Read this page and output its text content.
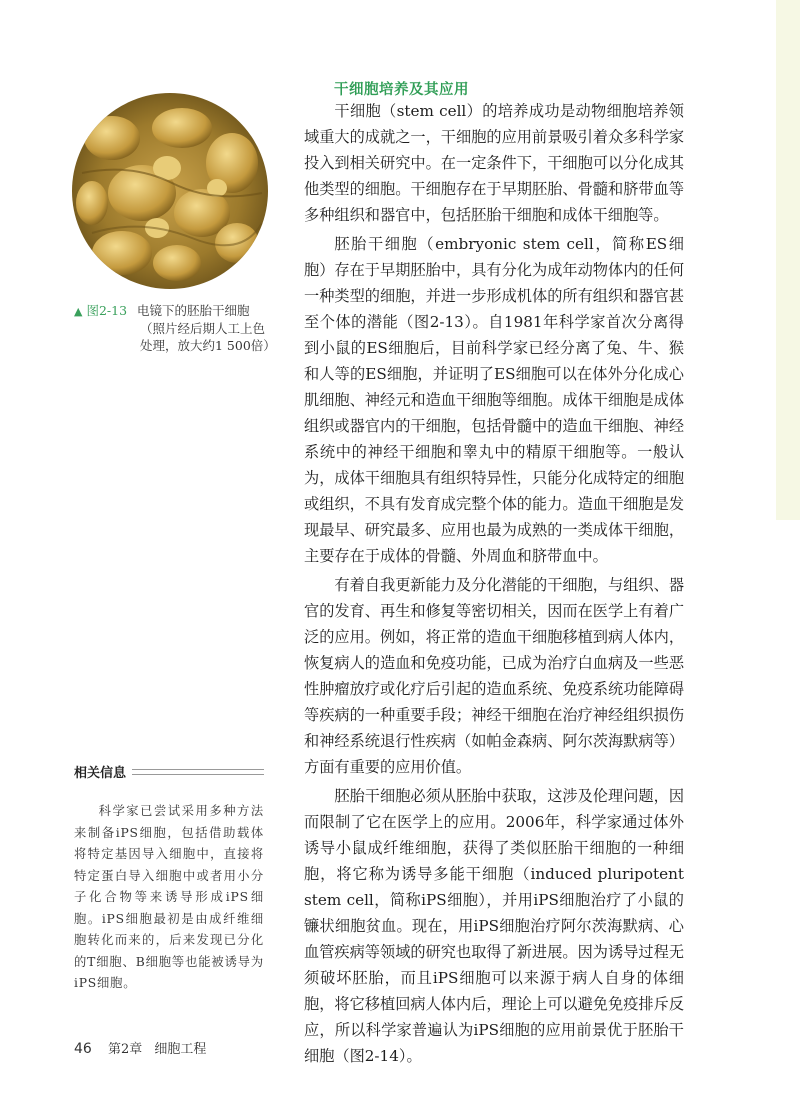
▲ 图2-13 电镜下的胚胎干细胞
（照片经后期人工上色
处理，放大约1 500倍）
干细胞培养及其应用

干细胞（stem cell）的培养成功是动物细胞培养领域重大的成就之一，干细胞的应用前景吸引着众多科学家投入到相关研究中。在一定条件下，干细胞可以分化成其他类型的细胞。干细胞存在于早期胚胎、骨髓和脐带血等多种组织和器官中，包括胚胎干细胞和成体干细胞等。

胚胎干细胞（embryonic stem cell，简称ES细胞）存在于早期胚胎中，具有分化为成年动物体内的任何一种类型的细胞，并进一步形成机体的所有组织和器官甚至个体的潜能（图2-13）。自1981年科学家首次分离得到小鼠的ES细胞后，目前科学家已经分离了兔、牛、猴和人等的ES细胞，并证明了ES细胞可以在体外分化成心肌细胞、神经元和造血干细胞等细胞。成体干细胞是成体组织或器官内的干细胞，包括骨髓中的造血干细胞、神经系统中的神经干细胞和睾丸中的精原干细胞等。一般认为，成体干细胞具有组织特异性，只能分化成特定的细胞或组织，不具有发育成完整个体的能力。造血干细胞是发现最早、研究最多、应用也最为成熟的一类成体干细胞，主要存在于成体的骨髓、外周血和脐带血中。

有着自我更新能力及分化潜能的干细胞，与组织、器官的发育、再生和修复等密切相关，因而在医学上有着广泛的应用。例如，将正常的造血干细胞移植到病人体内，恢复病人的造血和免疫功能，已成为治疗白血病及一些恶性肿瘤放疗或化疗后引起的造血系统、免疫系统功能障碍等疾病的一种重要手段；神经干细胞在治疗神经组织损伤和神经系统退行性疾病（如帕金森病、阿尔茨海默病等）方面有重要的应用价值。

胚胎干细胞必须从胚胎中获取，这涉及伦理问题，因而限制了它在医学上的应用。2006年，科学家通过体外诱导小鼠成纤维细胞，获得了类似胚胎干细胞的一种细胞，将它称为诱导多能干细胞（induced pluripotent stem cell，简称iPS细胞），并用iPS细胞治疗了小鼠的镰状细胞贫血。现在，用iPS细胞治疗阿尔茨海默病、心血管疾病等领域的研究也取得了新进展。因为诱导过程无须破坏胚胎，而且iPS细胞可以来源于病人自身的体细胞，将它移植回病人体内后，理论上可以避免免疫排斥反应，所以科学家普遍认为iPS细胞的应用前景优于胚胎干细胞（图2-14）。

相关信息

科学家已尝试采用多种方法来制备iPS细胞，包括借助载体将特定基因导入细胞中，直接将特定蛋白导入细胞中或者用小分子化合物等来诱导形成iPS细胞。iPS细胞最初是由成纤维细胞转化而来的，后来发现已分化的T细胞、B细胞等也能被诱导为iPS细胞。

46 第2章 细胞工程
